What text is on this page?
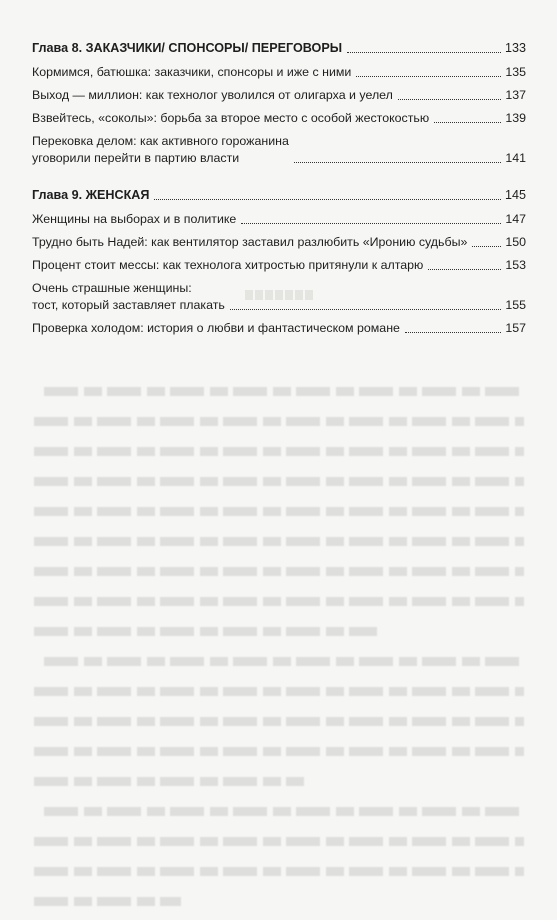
Глава 8. ЗАКАЗЧИКИ/ СПОНСОРЫ/ ПЕРЕГОВОРЫ	133
Кормимся, батюшка: заказчики, спонсоры и иже с ними	135
Выход — миллион: как технолог уволился от олигарха и уелел	137
Взвейтесь, «соколы»: борьба за второе место с особой жестокостью	139
Перековка делом: как активного горожанина
уговорили перейти в партию власти	141
Глава 9. ЖЕНСКАЯ	145
Женщины на выборах и в политике	147
Трудно быть Надей: как вентилятор заставил разлюбить «Иронию судьбы»	150
Процент стоит мессы: как технолога хитростью притянули к алтарю	153
Очень страшные женщины:
тост, который заставляет плакать	155
Проверка холодом: история о любви и фантастическом романе	157
